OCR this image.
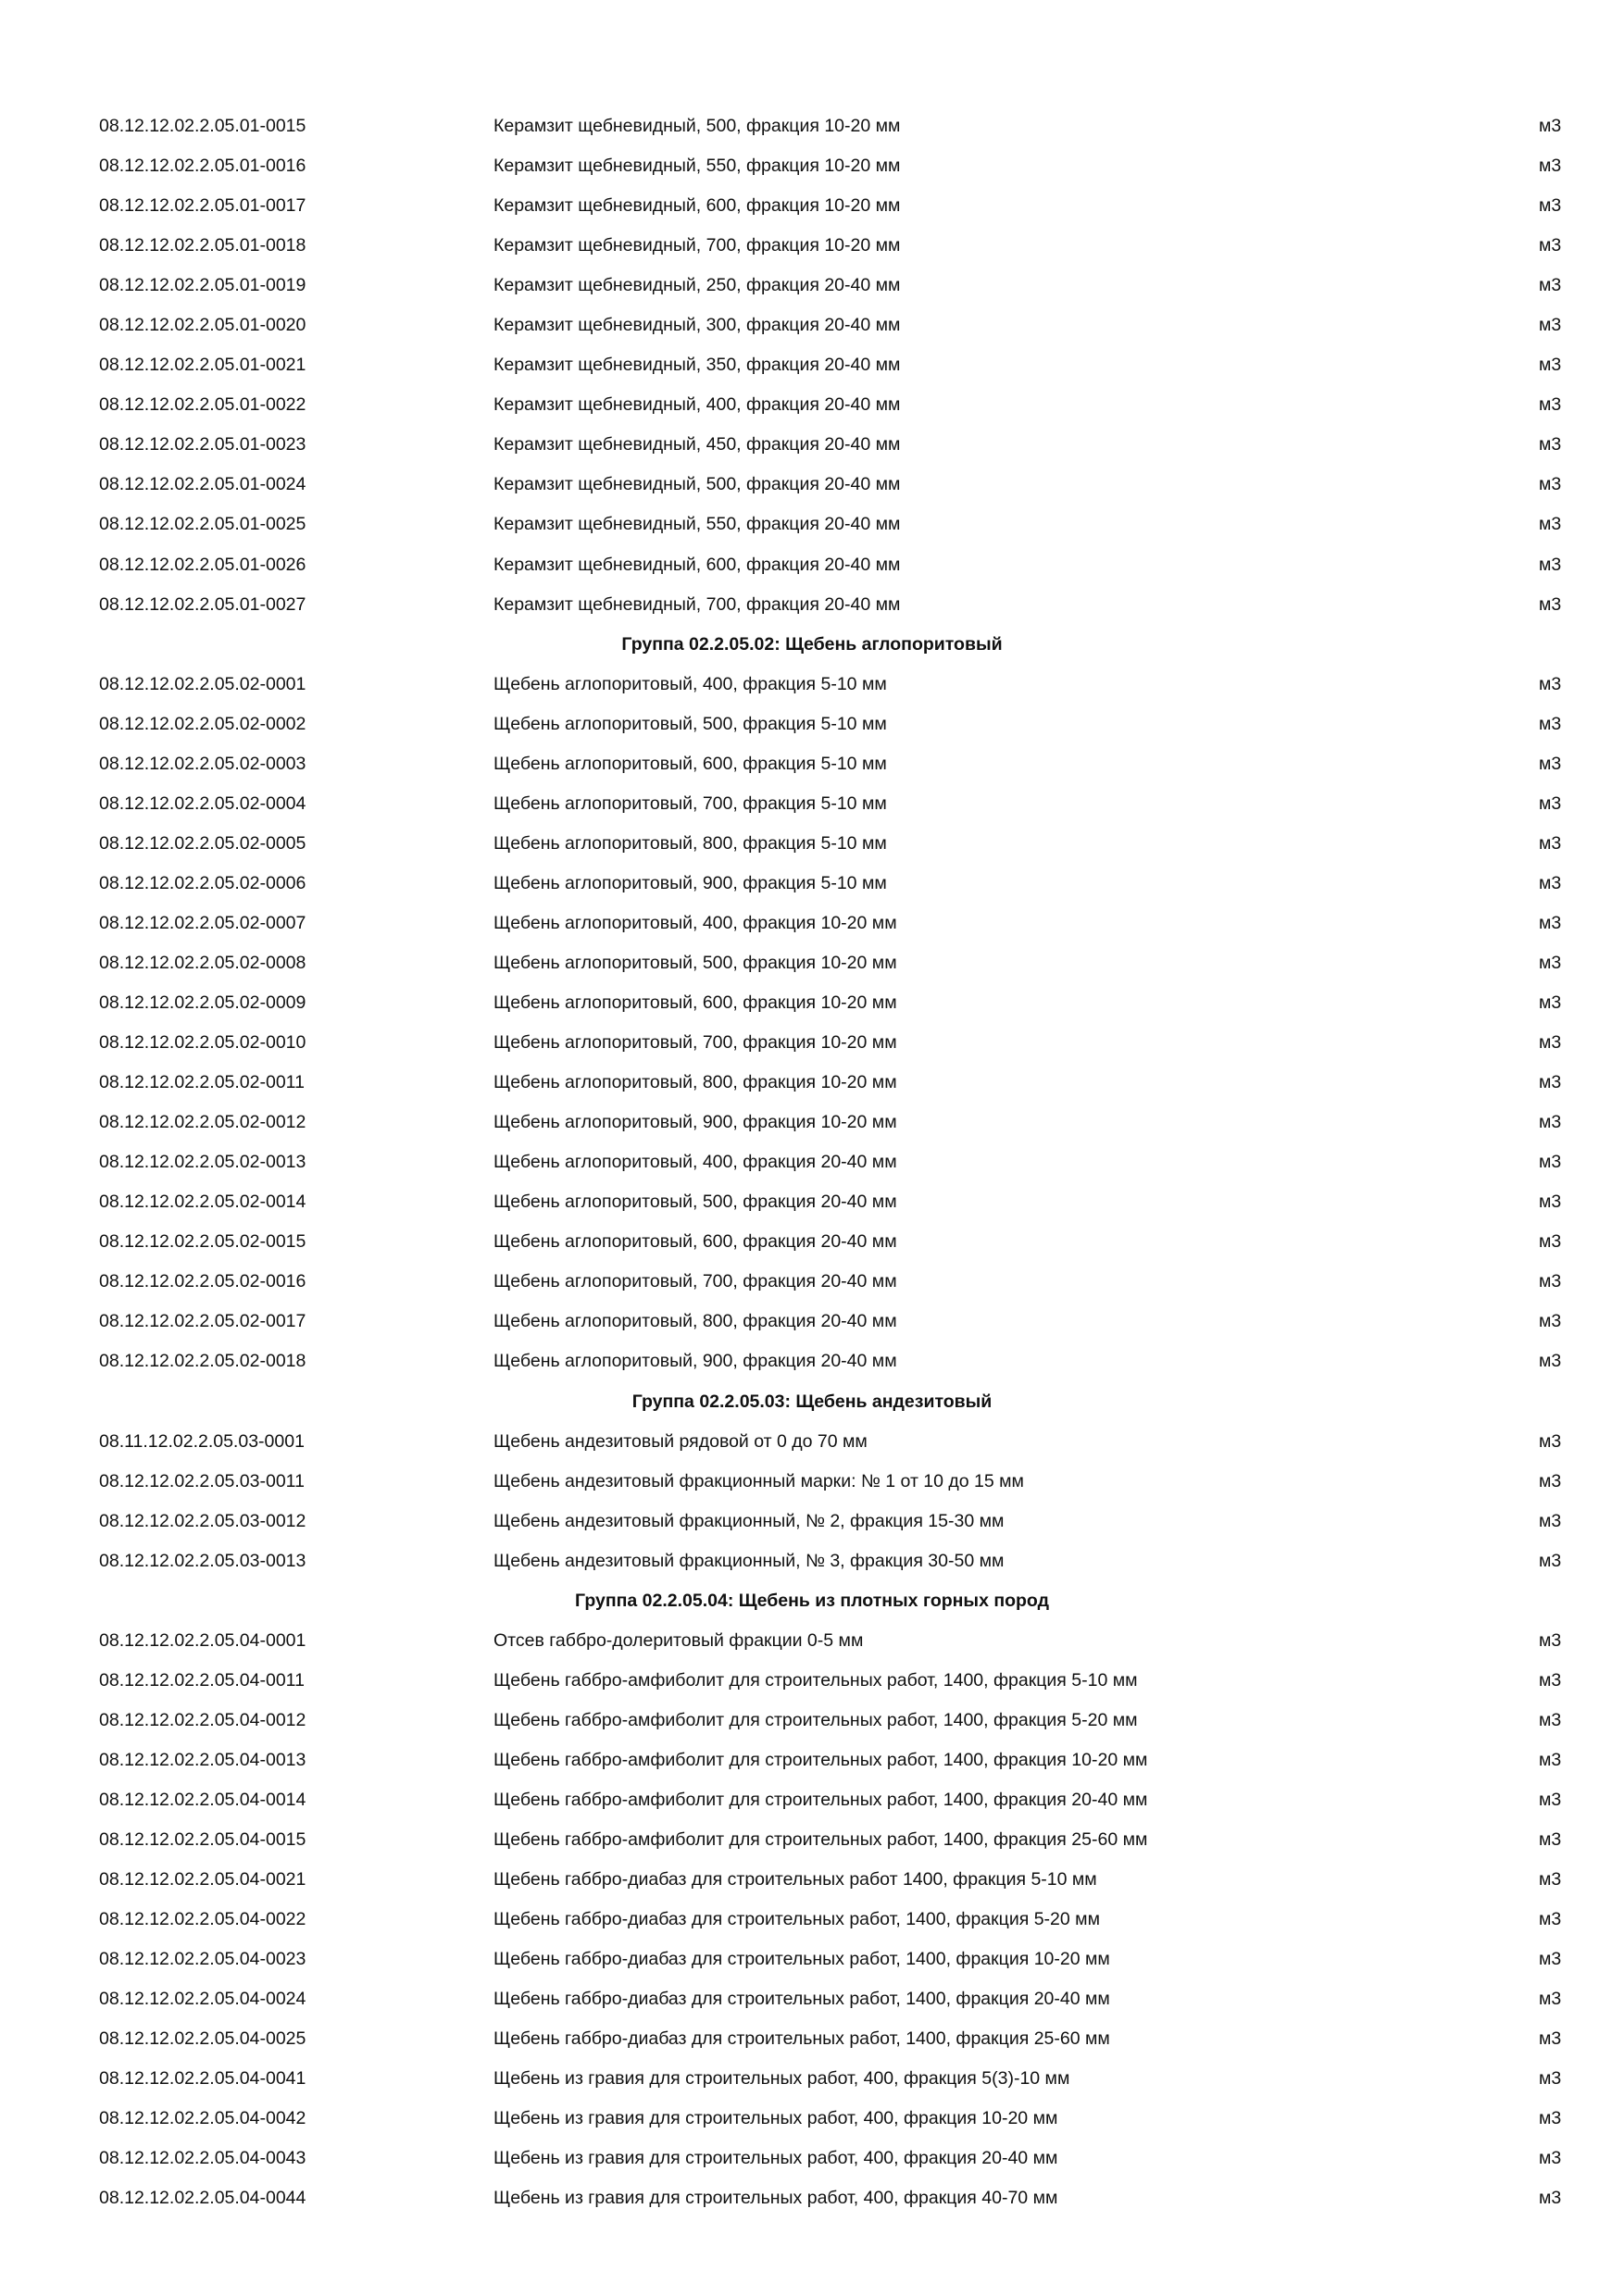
08.12.12.02.2.05.01-0015	Керамзит щебневидный, 500, фракция 10-20 мм	м3
08.12.12.02.2.05.01-0016	Керамзит щебневидный, 550, фракция 10-20 мм	м3
08.12.12.02.2.05.01-0017	Керамзит щебневидный, 600, фракция 10-20 мм	м3
08.12.12.02.2.05.01-0018	Керамзит щебневидный, 700, фракция 10-20 мм	м3
08.12.12.02.2.05.01-0019	Керамзит щебневидный, 250, фракция 20-40 мм	м3
08.12.12.02.2.05.01-0020	Керамзит щебневидный, 300, фракция 20-40 мм	м3
08.12.12.02.2.05.01-0021	Керамзит щебневидный, 350, фракция 20-40 мм	м3
08.12.12.02.2.05.01-0022	Керамзит щебневидный, 400, фракция 20-40 мм	м3
08.12.12.02.2.05.01-0023	Керамзит щебневидный, 450, фракция 20-40 мм	м3
08.12.12.02.2.05.01-0024	Керамзит щебневидный, 500, фракция 20-40 мм	м3
08.12.12.02.2.05.01-0025	Керамзит щебневидный, 550, фракция 20-40 мм	м3
08.12.12.02.2.05.01-0026	Керамзит щебневидный, 600, фракция 20-40 мм	м3
08.12.12.02.2.05.01-0027	Керамзит щебневидный, 700, фракция 20-40 мм	м3
Группа 02.2.05.02: Щебень аглопоритовый
08.12.12.02.2.05.02-0001	Щебень аглопоритовый, 400, фракция 5-10 мм	м3
08.12.12.02.2.05.02-0002	Щебень аглопоритовый, 500, фракция 5-10 мм	м3
08.12.12.02.2.05.02-0003	Щебень аглопоритовый, 600, фракция 5-10 мм	м3
08.12.12.02.2.05.02-0004	Щебень аглопоритовый, 700, фракция 5-10 мм	м3
08.12.12.02.2.05.02-0005	Щебень аглопоритовый, 800, фракция 5-10 мм	м3
08.12.12.02.2.05.02-0006	Щебень аглопоритовый, 900, фракция 5-10 мм	м3
08.12.12.02.2.05.02-0007	Щебень аглопоритовый, 400, фракция 10-20 мм	м3
08.12.12.02.2.05.02-0008	Щебень аглопоритовый, 500, фракция 10-20 мм	м3
08.12.12.02.2.05.02-0009	Щебень аглопоритовый, 600, фракция 10-20 мм	м3
08.12.12.02.2.05.02-0010	Щебень аглопоритовый, 700, фракция 10-20 мм	м3
08.12.12.02.2.05.02-0011	Щебень аглопоритовый, 800, фракция 10-20 мм	м3
08.12.12.02.2.05.02-0012	Щебень аглопоритовый, 900, фракция 10-20 мм	м3
08.12.12.02.2.05.02-0013	Щебень аглопоритовый, 400, фракция 20-40 мм	м3
08.12.12.02.2.05.02-0014	Щебень аглопоритовый, 500, фракция 20-40 мм	м3
08.12.12.02.2.05.02-0015	Щебень аглопоритовый, 600, фракция 20-40 мм	м3
08.12.12.02.2.05.02-0016	Щебень аглопоритовый, 700, фракция 20-40 мм	м3
08.12.12.02.2.05.02-0017	Щебень аглопоритовый, 800, фракция 20-40 мм	м3
08.12.12.02.2.05.02-0018	Щебень аглопоритовый, 900, фракция 20-40 мм	м3
Группа 02.2.05.03: Щебень андезитовый
08.11.12.02.2.05.03-0001	Щебень андезитовый рядовой от 0 до 70 мм	м3
08.12.12.02.2.05.03-0011	Щебень андезитовый фракционный марки: № 1 от 10 до 15 мм	м3
08.12.12.02.2.05.03-0012	Щебень андезитовый фракционный, № 2, фракция 15-30 мм	м3
08.12.12.02.2.05.03-0013	Щебень андезитовый фракционный, № 3, фракция 30-50 мм	м3
Группа 02.2.05.04: Щебень из плотных горных пород
08.12.12.02.2.05.04-0001	Отсев габбро-долеритовый фракции 0-5 мм	м3
08.12.12.02.2.05.04-0011	Щебень габбро-амфиболит для строительных работ, 1400, фракция 5-10 мм	м3
08.12.12.02.2.05.04-0012	Щебень габбро-амфиболит для строительных работ, 1400, фракция 5-20 мм	м3
08.12.12.02.2.05.04-0013	Щебень габбро-амфиболит для строительных работ, 1400, фракция 10-20 мм	м3
08.12.12.02.2.05.04-0014	Щебень габбро-амфиболит для строительных работ, 1400, фракция 20-40 мм	м3
08.12.12.02.2.05.04-0015	Щебень габбро-амфиболит для строительных работ, 1400, фракция 25-60 мм	м3
08.12.12.02.2.05.04-0021	Щебень габбро-диабаз для строительных работ 1400, фракция 5-10 мм	м3
08.12.12.02.2.05.04-0022	Щебень габбро-диабаз для строительных работ, 1400, фракция 5-20 мм	м3
08.12.12.02.2.05.04-0023	Щебень габбро-диабаз для строительных работ, 1400, фракция 10-20 мм	м3
08.12.12.02.2.05.04-0024	Щебень габбро-диабаз для строительных работ, 1400, фракция 20-40 мм	м3
08.12.12.02.2.05.04-0025	Щебень габбро-диабаз для строительных работ, 1400, фракция 25-60 мм	м3
08.12.12.02.2.05.04-0041	Щебень из гравия для строительных работ, 400, фракция 5(3)-10 мм	м3
08.12.12.02.2.05.04-0042	Щебень из гравия для строительных работ, 400, фракция 10-20 мм	м3
08.12.12.02.2.05.04-0043	Щебень из гравия для строительных работ, 400, фракция 20-40 мм	м3
08.12.12.02.2.05.04-0044	Щебень из гравия для строительных работ, 400, фракция 40-70 мм	м3
